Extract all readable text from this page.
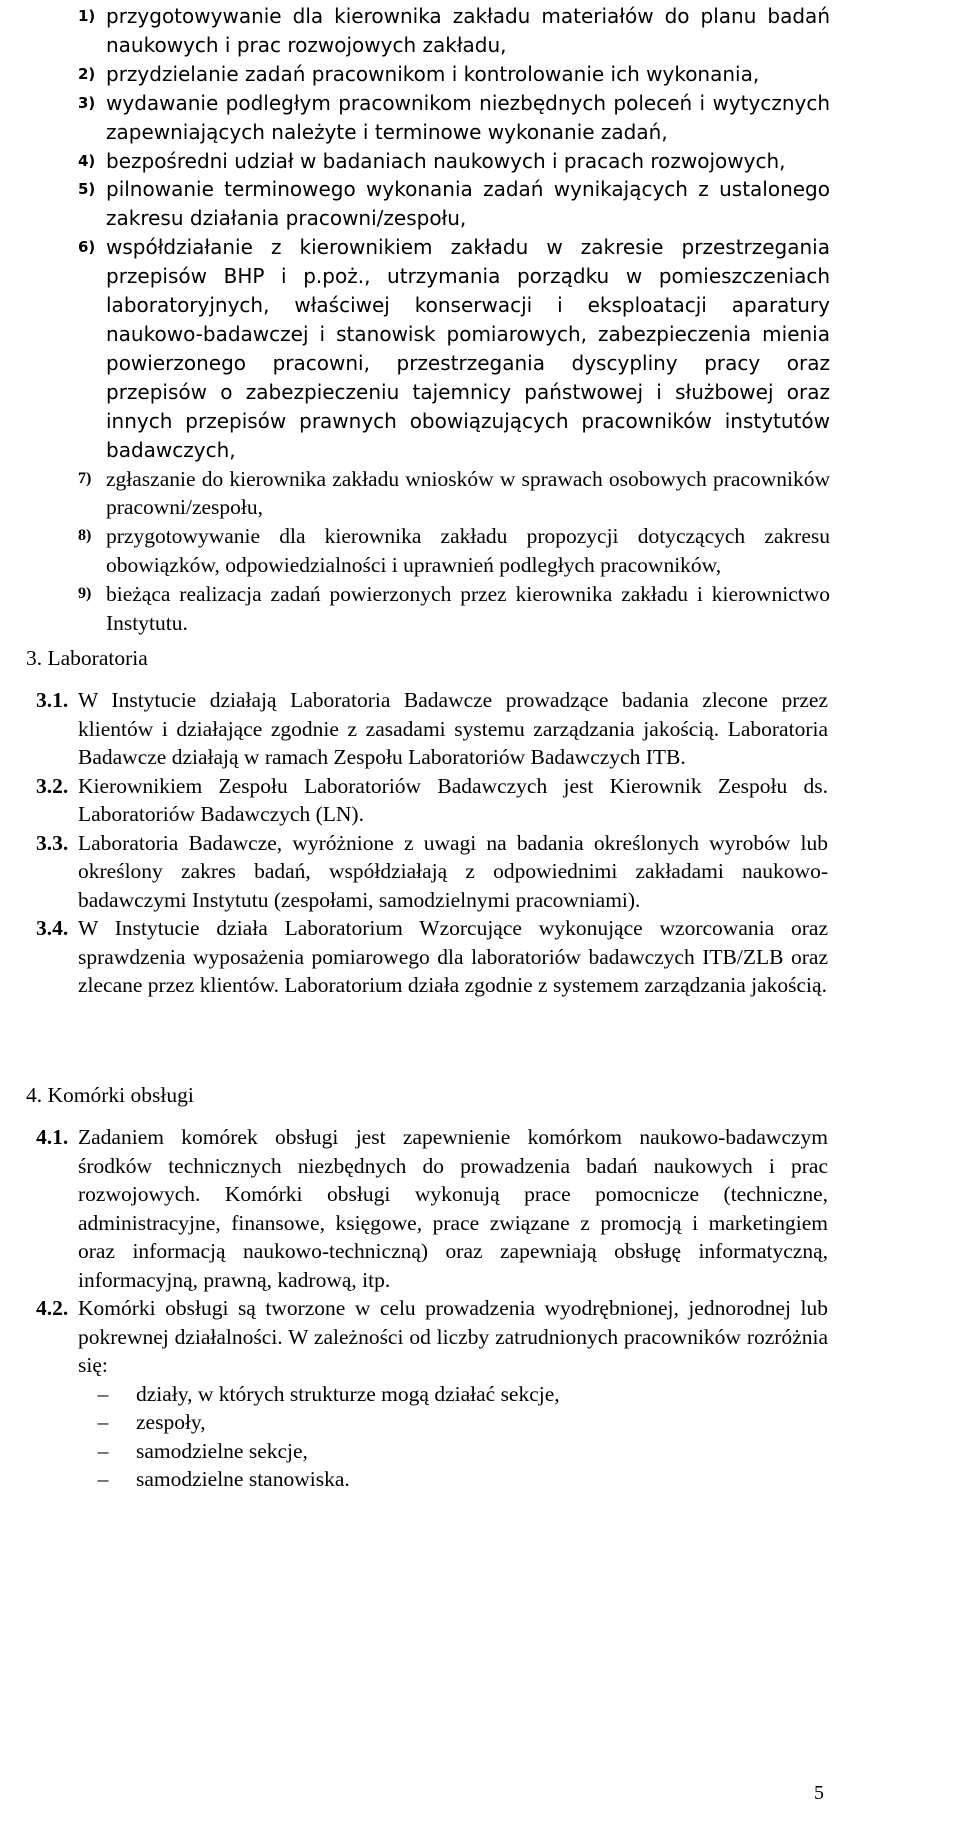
1) przygotowywanie dla kierownika zakładu materiałów do planu badań naukowych i prac rozwojowych zakładu,
2) przydzielanie zadań pracownikom i kontrolowanie ich wykonania,
3) wydawanie podległym pracownikom niezbędnych poleceń i wytycznych zapewniających należyte i terminowe wykonanie zadań,
4) bezpośredni udział w badaniach naukowych i pracach rozwojowych,
5) pilnowanie terminowego wykonania zadań wynikających z ustalonego zakresu działania pracowni/zespołu,
6) współdziałanie z kierownikiem zakładu w zakresie przestrzegania przepisów BHP i p.poż., utrzymania porządku w pomieszczeniach laboratoryjnych, właściwej konserwacji i eksploatacji aparatury naukowo-badawczej i stanowisk pomiarowych, zabezpieczenia mienia powierzonego pracowni, przestrzegania dyscypliny pracy oraz przepisów o zabezpieczeniu tajemnicy państwowej i służbowej oraz innych przepisów prawnych obowiązujących pracowników instytutów badawczych,
7) zgłaszanie do kierownika zakładu wniosków w sprawach osobowych pracowników pracowni/zespołu,
8) przygotowywanie dla kierownika zakładu propozycji dotyczących zakresu obowiązków, odpowiedzialności i uprawnień podległych pracowników,
9) bieżąca realizacja zadań powierzonych przez kierownika zakładu i kierownictwo Instytutu.
3. Laboratoria

3.1. W Instytucie działają Laboratoria Badawcze prowadzące badania zlecone przez klientów i działające zgodnie z zasadami systemu zarządzania jakością. Laboratoria Badawcze działają w ramach Zespołu Laboratoriów Badawczych ITB.

3.2. Kierownikiem Zespołu Laboratoriów Badawczych jest Kierownik Zespołu ds. Laboratoriów Badawczych (LN).

3.3. Laboratoria Badawcze, wyróżnione z uwagi na badania określonych wyrobów lub określony zakres badań, współdziałają z odpowiednimi zakładami naukowo-badawczymi Instytutu (zespołami, samodzielnymi pracowniami).

3.4. W Instytucie działa Laboratorium Wzorcujące wykonujące wzorcowania oraz sprawdzenia wyposażenia pomiarowego dla laboratoriów badawczych ITB/ZLB oraz zlecane przez klientów. Laboratorium działa zgodnie z systemem zarządzania jakością.

4. Komórki obsługi

4.1. Zadaniem komórek obsługi jest zapewnienie komórkom naukowo-badawczym środków technicznych niezbędnych do prowadzenia badań naukowych i prac rozwojowych. Komórki obsługi wykonują prace pomocnicze (techniczne, administracyjne, finansowe, księgowe, prace związane z promocją i marketingiem oraz informacją naukowo-techniczną) oraz zapewniają obsługę informatyczną, informacyjną, prawną, kadrową, itp.

4.2. Komórki obsługi są tworzone w celu prowadzenia wyodrębnionej, jednorodnej lub pokrewnej działalności. W zależności od liczby zatrudnionych pracowników rozróżnia się:
–	działy, w których strukturze mogą działać sekcje,
–	zespoły,
–	samodzielne sekcje,
–	samodzielne stanowiska.
5
